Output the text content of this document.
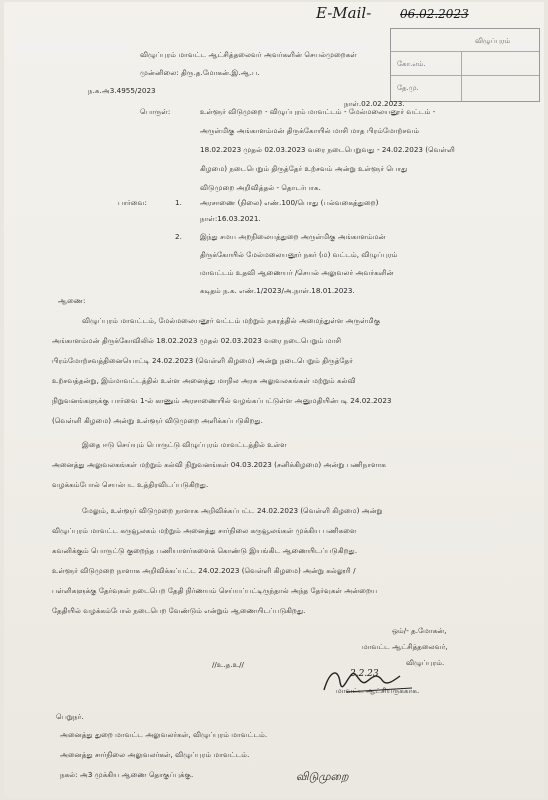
E-Mail- 06.02.2023
விழுப்புரம்
கோ.எம்.
தே.மு.
விழுப்புரம் மாவட்ட ஆட்சித்தலைவர் அவர்களின் செயல்முறைகள்
முன்னிலை: திரு.த.மோகன்.இ.ஆ.ப.
ந.க.அ3.4955/2023
நாள்.02.02.2023.
பொருள்:	உள்ளூர் விடுமுறை - விழுப்புரம் மாவட்டம் - மேல்மலையனூர் வட்டம் -
அருள்மிகு அங்காளம்மன் திருக்கோயில் மாசி மாத பிரம்மோற்சவம்
18.02.2023 முதல் 02.03.2023 வரை நடைபெறுவது - 24.02.2023 (வெள்ளி
கிழமை) நடைபெறும் திருத்தேர் உற்சவம் அன்று உள்ளூர் பொது
விடுமுறை அறிவித்தல் - தொடர்பாக.
பார்வை:	1.	அரசாணை (நிலை) எண்.100/பொது (பல்வகைத்துறை)
நாள்:16.03.2021.
2.	இந்து சமய அறநிலையத்துறை அருள்மிகு அங்காளம்மன்
திருக்கோயில் மேல்மலையனூர் நகர் (ம) வட்டம், விழுப்புரம்
மாவட்டம் உதவி ஆணையர் /செயல் அலுவலர் அவர்களின்
கடிதம் ந.க. எண்.1/2023/அ.நாள்.18.01.2023.
ஆணை:
விழுப்புரம் மாவட்டம், மேல்மலையனூர் வட்டம் மற்றும் நகரத்தில் அமைந்துள்ள அருள்மிகு
அங்காளம்மன் திருக்கோவிலில் 18.02.2023 முதல் 02.03.2023 வரை நடைபெறும் மாசி
பிரம்மோற்சவத்தினையொட்டி 24.02.2023 (வெள்ளி கிழமை) அன்று நடைபெறும் திருத்தேர்
உற்சவத்தன்று, இம்மாவட்டத்தில் உள்ள அனைத்து மாநில அரசு அலுவலகங்கள் மற்றும் கல்வி
நிறுவனங்களுக்கு பார்வை 1-ல் காணும் அரசாணையில் வழங்கப்பட்டுள்ள அனுமதியின்படி 24.02.2023
(வெள்ளி கிழமை) அன்று உள்ளூர் விடுமுறை அளிக்கப்படுகிறது.
இதை ஈடு செய்யும் பொருட்டு விழுப்புரம் மாவட்டத்தில் உள்ள
அனைத்து அலுவலகங்கள் மற்றும் கல்வி நிறுவனங்கள் 04.03.2023 (சனிக்கிழமை) அன்று பணிநாளாக
வழக்கம்போல் செயல்பட உத்திரவிடப்படுகிறது.
மேலும், உள்ளூர் விடுமுறை நாளாக அறிவிக்கப்பட்ட 24.02.2023 (வெள்ளி கிழமை) அன்று
விழுப்புரம் மாவட்ட கருவூலகம் மற்றும் அனைத்து சார்நிலை கருவூலங்கள் முக்கிய பணிகளை
கவனிக்கும் பொருட்டு குறைந்த பணியாளர்களைக் கொண்டு இயங்கிட ஆணையிடப்படுகிறது.
உள்ளூர் விடுமுறை நாளாக அறிவிக்கப்பட்ட 24.02.2023 (வெள்ளி கிழமை) அன்று கல்லூரி /
பள்ளிகளுக்கு தேர்வுகள் நடைபெற தேதி நிர்ணயம் செய்யப்பட்டிருந்தால் அந்த தேர்வுகள் அன்றைய
தேதியில் வழக்கம்போல் நடைபெற வேண்டும் என்றும் ஆணையிடப்படுகிறது.
ஒம்/- த.மோகன்,
மாவட்ட ஆட்சித்தலைவர்,
விழுப்புரம்.
//உ.த.உ//
2.2.23
மாவட்ட ஆட்சியருக்காக.
பெறுநர்.
அனைத்து துறை மாவட்ட அலுவலர்கள், விழுப்புரம் மாவட்டம்.
அனைத்து சார்நிலை அலுவலர்கள், விழுப்புரம் மாவட்டம்.
நகல்: அ3 முக்கிய ஆணை தொகுப்புக்கு.	விடுமுறை
